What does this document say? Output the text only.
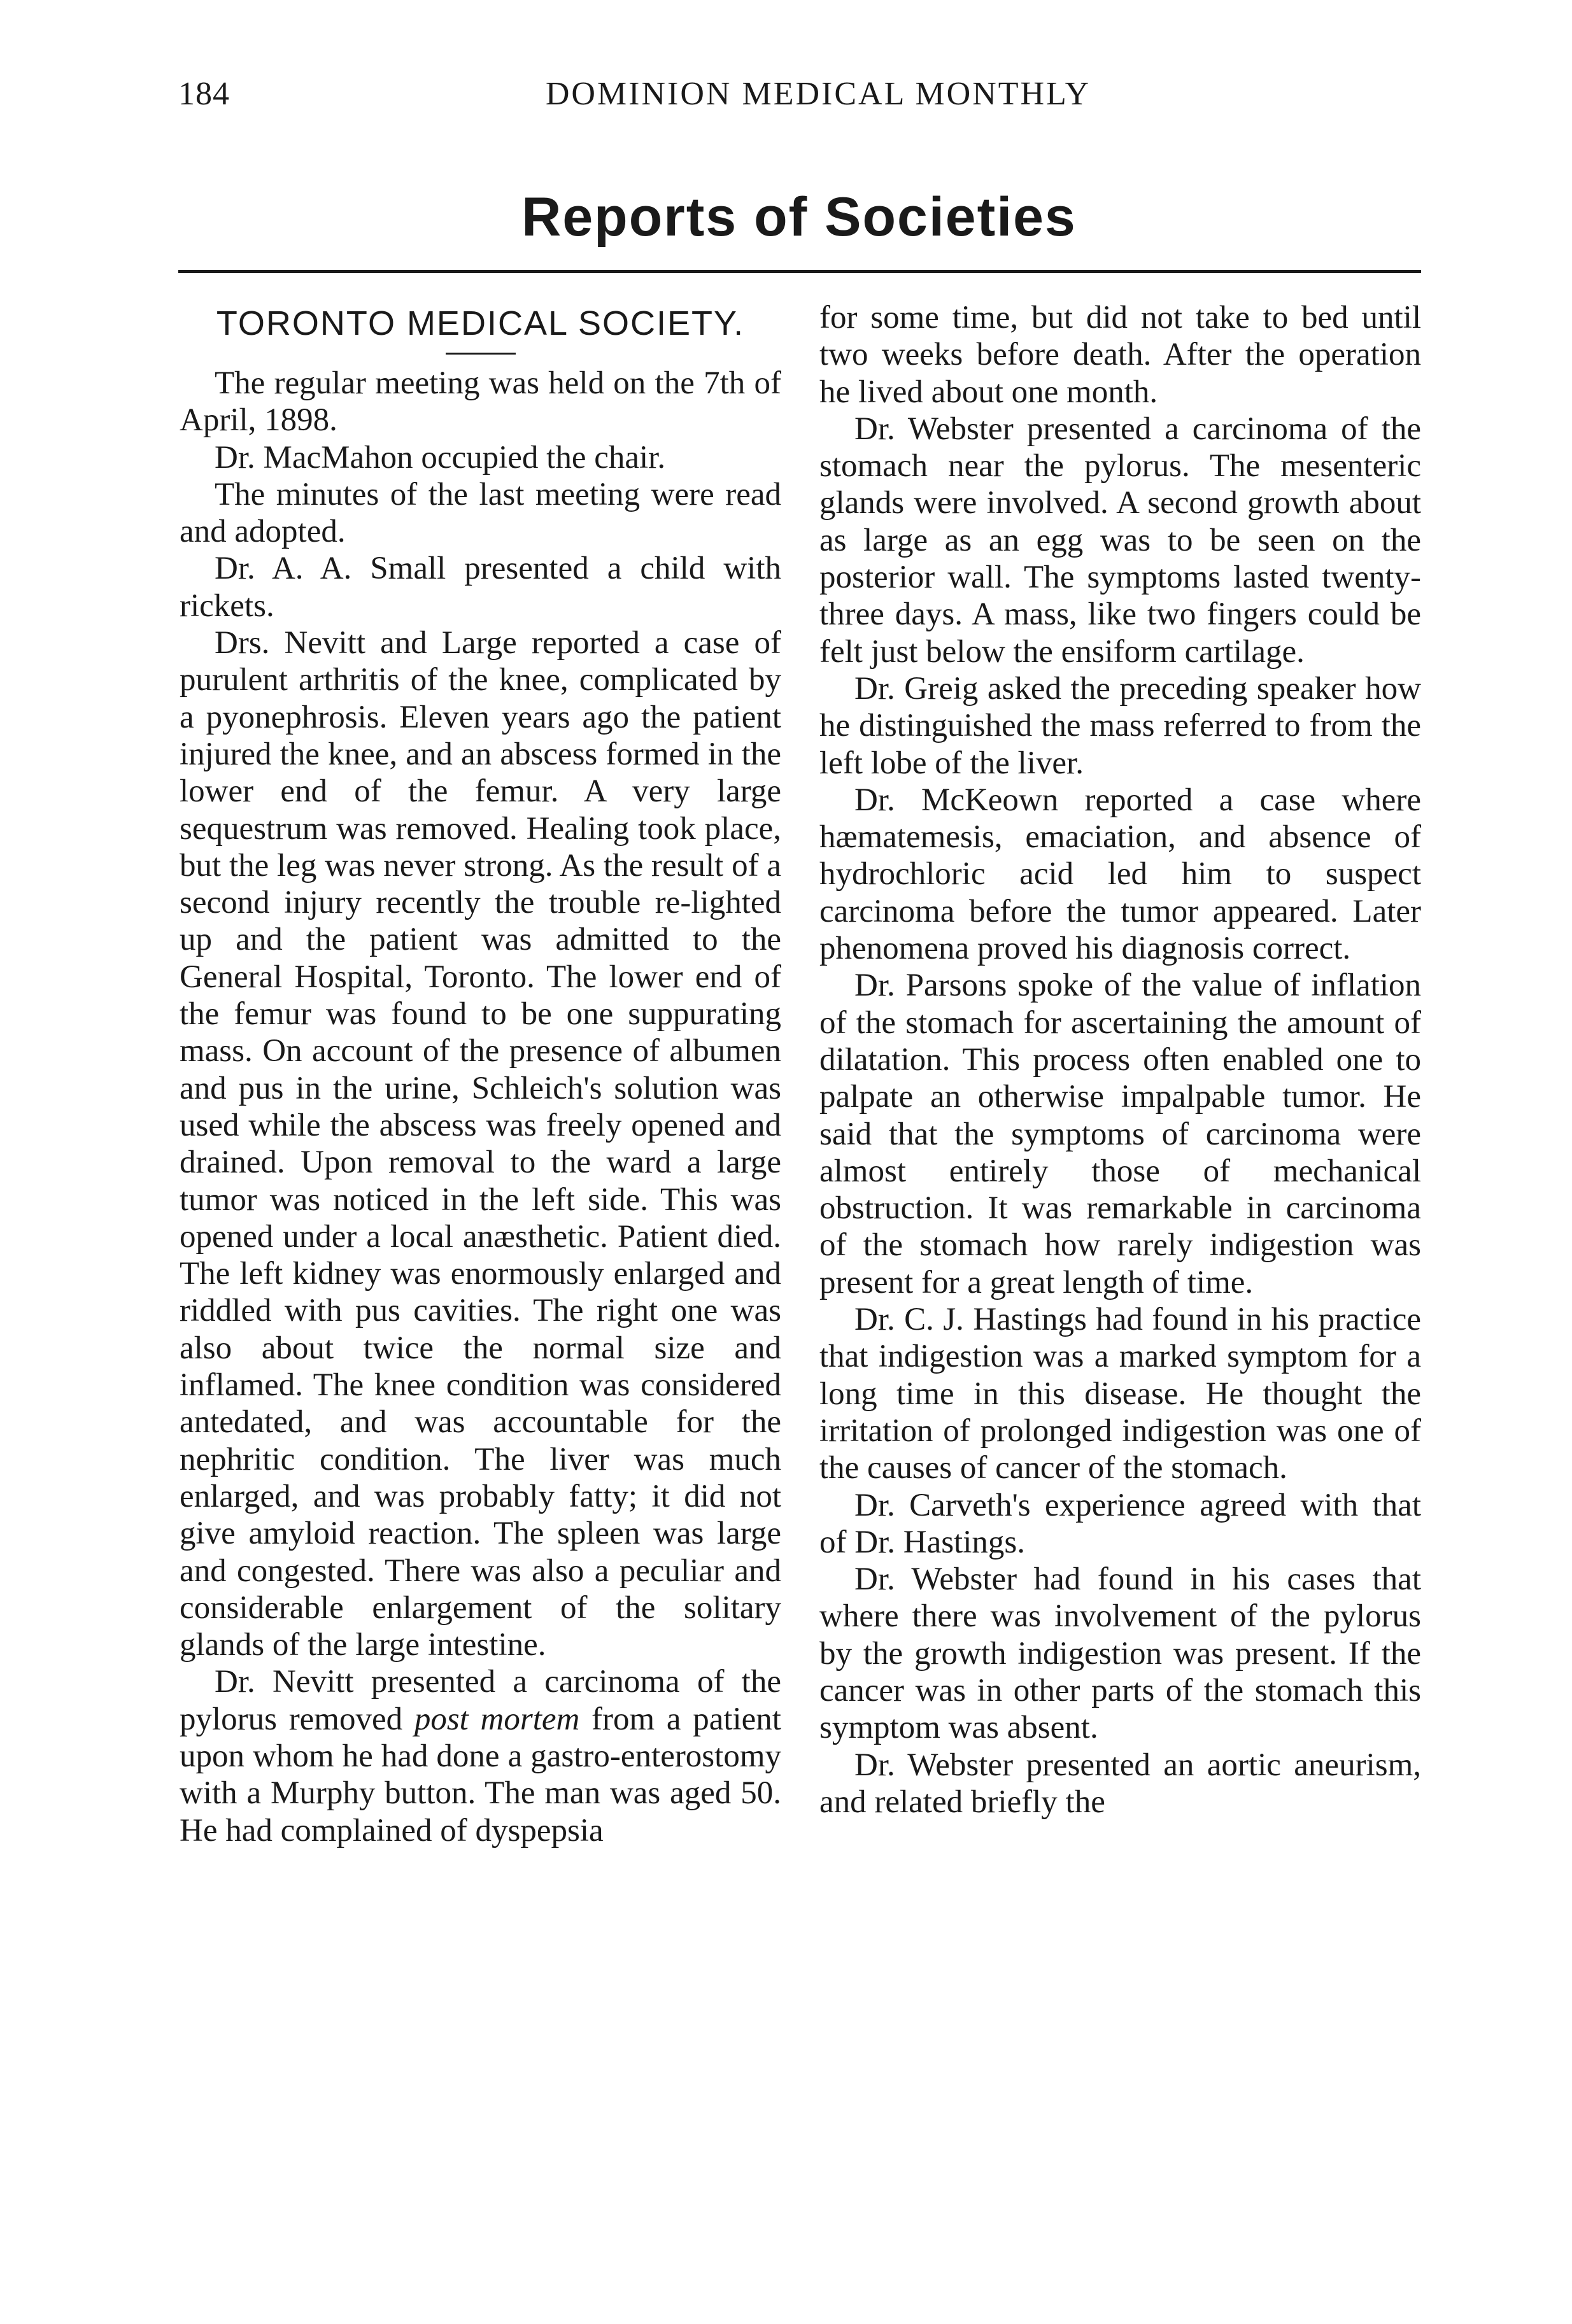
184	DOMINION MEDICAL MONTHLY
Reports of Societies
TORONTO MEDICAL SOCIETY.

The regular meeting was held on the 7th of April, 1898.

Dr. MacMahon occupied the chair.

The minutes of the last meeting were read and adopted.

Dr. A. A. Small presented a child with rickets.

Drs. Nevitt and Large reported a case of purulent arthritis of the knee, complicated by a pyonephrosis. Eleven years ago the patient injured the knee, and an abscess formed in the lower end of the femur. A very large sequestrum was removed. Healing took place, but the leg was never strong. As the result of a second injury recently the trouble re-lighted up and the patient was admitted to the General Hospital, Toronto. The lower end of the femur was found to be one suppurating mass. On account of the presence of albumen and pus in the urine, Schleich's solution was used while the abscess was freely opened and drained. Upon removal to the ward a large tumor was noticed in the left side. This was opened under a local anæsthetic. Patient died. The left kidney was enormously enlarged and riddled with pus cavities. The right one was also about twice the normal size and inflamed. The knee condition was considered antedated, and was accountable for the nephritic condition. The liver was much enlarged, and was probably fatty; it did not give amyloid reaction. The spleen was large and congested. There was also a peculiar and considerable enlargement of the solitary glands of the large intestine.

Dr. Nevitt presented a carcinoma of the pylorus removed post mortem from a patient upon whom he had done a gastro-enterostomy with a Murphy button. The man was aged 50. He had complained of dyspepsia

for some time, but did not take to bed until two weeks before death. After the operation he lived about one month.

Dr. Webster presented a carcinoma of the stomach near the pylorus. The mesenteric glands were involved. A second growth about as large as an egg was to be seen on the posterior wall. The symptoms lasted twenty-three days. A mass, like two fingers could be felt just below the ensiform cartilage.

Dr. Greig asked the preceding speaker how he distinguished the mass referred to from the left lobe of the liver.

Dr. McKeown reported a case where hæmatemesis, emaciation, and absence of hydrochloric acid led him to suspect carcinoma before the tumor appeared. Later phenomena proved his diagnosis correct.

Dr. Parsons spoke of the value of inflation of the stomach for ascertaining the amount of dilatation. This process often enabled one to palpate an otherwise impalpable tumor. He said that the symptoms of carcinoma were almost entirely those of mechanical obstruction. It was remarkable in carcinoma of the stomach how rarely indigestion was present for a great length of time.

Dr. C. J. Hastings had found in his practice that indigestion was a marked symptom for a long time in this disease. He thought the irritation of prolonged indigestion was one of the causes of cancer of the stomach.

Dr. Carveth's experience agreed with that of Dr. Hastings.

Dr. Webster had found in his cases that where there was involvement of the pylorus by the growth indigestion was present. If the cancer was in other parts of the stomach this symptom was absent.

Dr. Webster presented an aortic aneurism, and related briefly the
